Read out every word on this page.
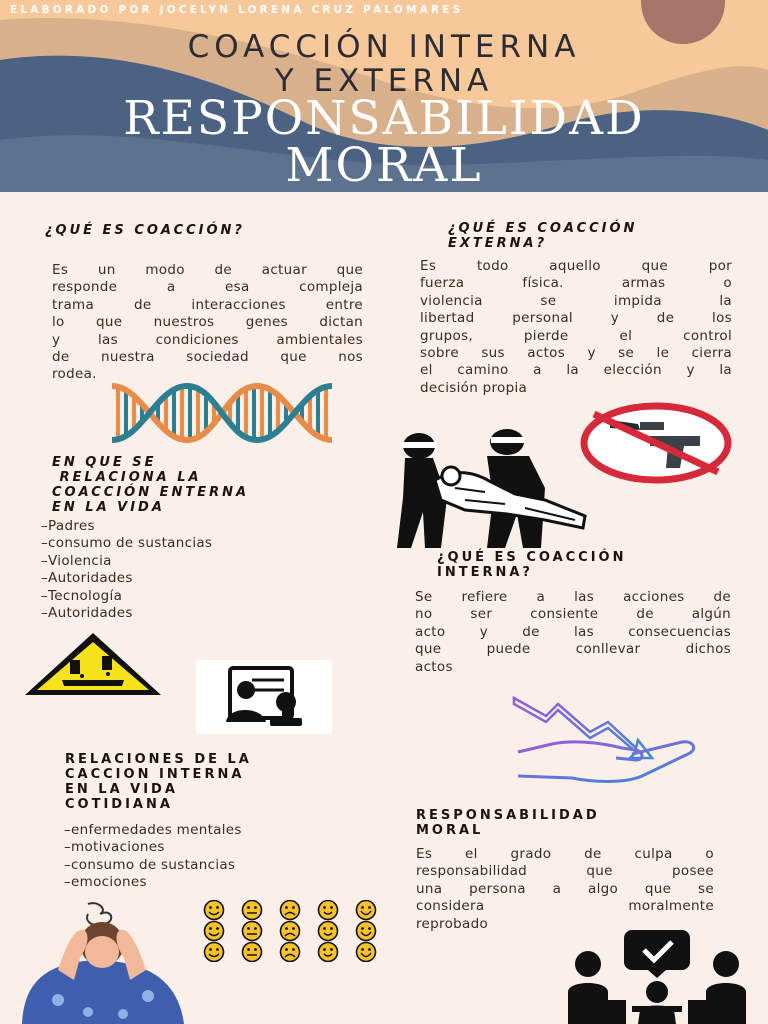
ELABORADO POR JOCELYN LORENA CRUZ PALOMARES
COACCIÓN INTERNA
Y EXTERNA
RESPONSABILIDAD
MORAL
¿QUÉ ES COACCIÓN?
Es un modo de actuar que
responde a esa compleja
trama de interacciones entre
lo que nuestros genes dictan
y las condiciones ambientales
de nuestra sociedad que nos
rodea.
¿QUÉ ES COACCIÓN
EXTERNA?
Es todo aquello que por
fuerza física. armas o
violencia se impida la
libertad personal y de los
grupos, pierde el control
sobre sus actos y se le cierra
el camino a la elección y la
decisión propia
EN QUE SE
RELACIONA LA
COACCIÓN ENTERNA
EN LA VIDA
–Padres
–consumo de sustancias
–Violencia
–Autoridades
–Tecnología
–Autoridades
¿QUÉ ES COACCIÓN
INTERNA?
Se refiere a las acciones de
no ser consiente de algún
acto y de las consecuencias
que puede conllevar dichos
actos
RELACIONES DE LA
CACCION INTERNA
EN LA VIDA
COTIDIANA
–enfermedades mentales
–motivaciones
–consumo de sustancias
–emociones
RESPONSABILIDAD
MORAL
Es el grado de culpa o
responsabilidad que posee
una persona a algo que se
considera moralmente
reprobado
